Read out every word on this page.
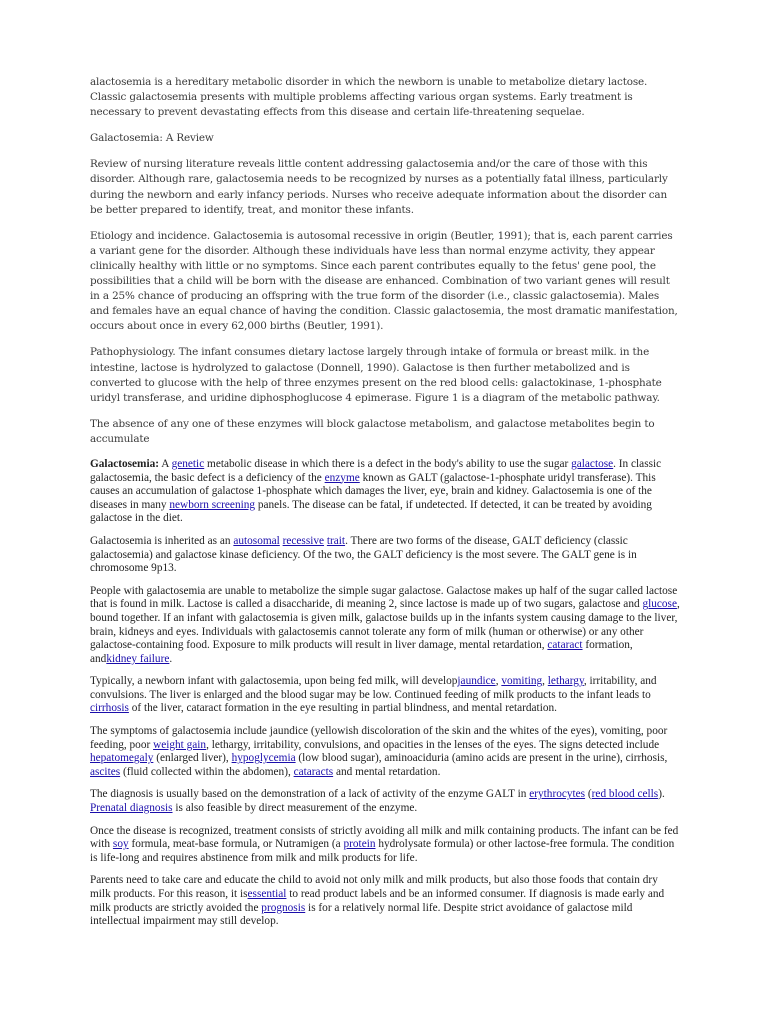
alactosemia is a hereditary metabolic disorder in which the newborn is unable to metabolize dietary lactose. Classic galactosemia presents with multiple problems affecting various organ systems. Early treatment is necessary to prevent devastating effects from this disease and certain life-threatening sequelae.

Galactosemia: A Review

Review of nursing literature reveals little content addressing galactosemia and/or the care of those with this disorder. Although rare, galactosemia needs to be recognized by nurses as a potentially fatal illness, particularly during the newborn and early infancy periods. Nurses who receive adequate information about the disorder can be better prepared to identify, treat, and monitor these infants.

Etiology and incidence. Galactosemia is autosomal recessive in origin (Beutler, 1991); that is, each parent carries a variant gene for the disorder. Although these individuals have less than normal enzyme activity, they appear clinically healthy with little or no symptoms. Since each parent contributes equally to the fetus' gene pool, the possibilities that a child will be born with the disease are enhanced. Combination of two variant genes will result in a 25% chance of producing an offspring with the true form of the disorder (i.e., classic galactosemia). Males and females have an equal chance of having the condition. Classic galactosemia, the most dramatic manifestation, occurs about once in every 62,000 births (Beutler, 1991).

Pathophysiology. The infant consumes dietary lactose largely through intake of formula or breast milk. in the intestine, lactose is hydrolyzed to galactose (Donnell, 1990). Galactose is then further metabolized and is converted to glucose with the help of three enzymes present on the red blood cells: galactokinase, 1-phosphate uridyl transferase, and uridine diphosphoglucose 4 epimerase. Figure 1 is a diagram of the metabolic pathway.

The absence of any one of these enzymes will block galactose metabolism, and galactose metabolites begin to accumulate

Galactosemia: A genetic metabolic disease in which there is a defect in the body's ability to use the sugar galactose. In classic galactosemia, the basic defect is a deficiency of the enzyme known as GALT (galactose-1-phosphate uridyl transferase). This causes an accumulation of galactose 1-phosphate which damages the liver, eye, brain and kidney. Galactosemia is one of the diseases in many newborn screening panels. The disease can be fatal, if undetected. If detected, it can be treated by avoiding galactose in the diet.

Galactosemia is inherited as an autosomal recessive trait. There are two forms of the disease, GALT deficiency (classic galactosemia) and galactose kinase deficiency. Of the two, the GALT deficiency is the most severe. The GALT gene is in chromosome 9p13.

People with galactosemia are unable to metabolize the simple sugar galactose. Galactose makes up half of the sugar called lactose that is found in milk. Lactose is called a disaccharide, di meaning 2, since lactose is made up of two sugars, galactose and glucose, bound together. If an infant with galactosemia is given milk, galactose builds up in the infants system causing damage to the liver, brain, kidneys and eyes. Individuals with galactosemis cannot tolerate any form of milk (human or otherwise) or any other galactose-containing food. Exposure to milk products will result in liver damage, mental retardation, cataract formation, andkidney failure.

Typically, a newborn infant with galactosemia, upon being fed milk, will developjaundice, vomiting, lethargy, irritability, and convulsions. The liver is enlarged and the blood sugar may be low. Continued feeding of milk products to the infant leads to cirrhosis of the liver, cataract formation in the eye resulting in partial blindness, and mental retardation.

The symptoms of galactosemia include jaundice (yellowish discoloration of the skin and the whites of the eyes), vomiting, poor feeding, poor weight gain, lethargy, irritability, convulsions, and opacities in the lenses of the eyes. The signs detected include hepatomegaly (enlarged liver), hypoglycemia (low blood sugar), aminoaciduria (amino acids are present in the urine), cirrhosis, ascites (fluid collected within the abdomen), cataracts and mental retardation.

The diagnosis is usually based on the demonstration of a lack of activity of the enzyme GALT in erythrocytes (red blood cells). Prenatal diagnosis is also feasible by direct measurement of the enzyme.

Once the disease is recognized, treatment consists of strictly avoiding all milk and milk containing products. The infant can be fed with soy formula, meat-base formula, or Nutramigen (a protein hydrolysate formula) or other lactose-free formula. The condition is life-long and requires abstinence from milk and milk products for life.

Parents need to take care and educate the child to avoid not only milk and milk products, but also those foods that contain dry milk products. For this reason, it isessential to read product labels and be an informed consumer. If diagnosis is made early and milk products are strictly avoided the prognosis is for a relatively normal life. Despite strict avoidance of galactose mild intellectual impairment may still develop.
